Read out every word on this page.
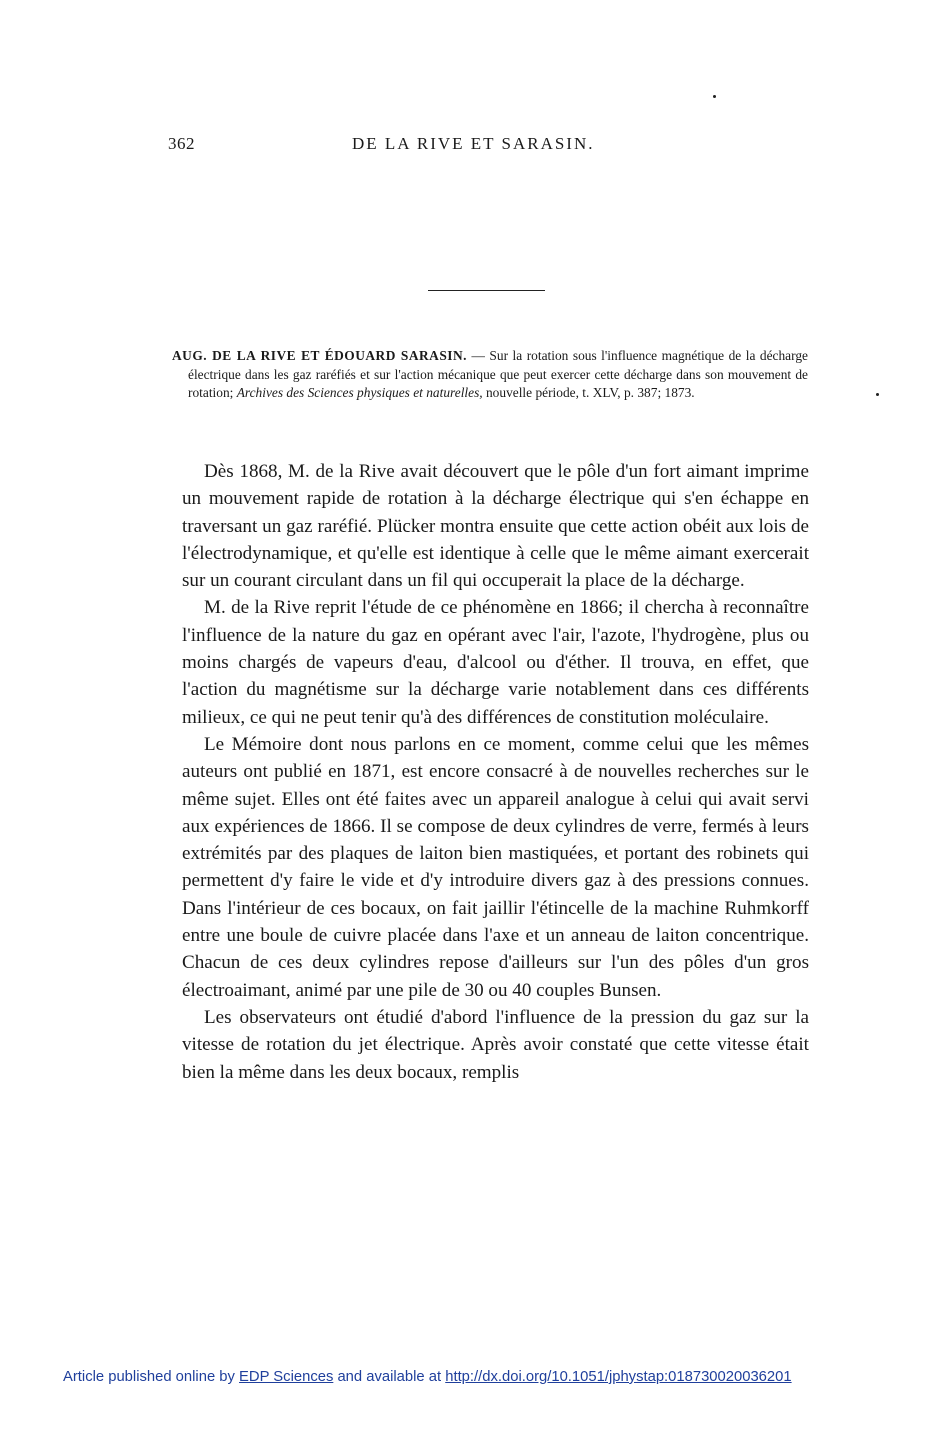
362	DE LA RIVE ET SARASIN.
AUG. DE LA RIVE ET ÉDOUARD SARASIN. — Sur la rotation sous l'influence magnétique de la décharge électrique dans les gaz raréfiés et sur l'action mécanique que peut exercer cette décharge dans son mouvement de rotation; Archives des Sciences physiques et naturelles, nouvelle période, t. XLV, p. 387; 1873.

Dès 1868, M. de la Rive avait découvert que le pôle d'un fort aimant imprime un mouvement rapide de rotation à la décharge électrique qui s'en échappe en traversant un gaz raréfié. Plücker montra ensuite que cette action obéit aux lois de l'électrodynamique, et qu'elle est identique à celle que le même aimant exercerait sur un courant circulant dans un fil qui occuperait la place de la décharge.

M. de la Rive reprit l'étude de ce phénomène en 1866; il chercha à reconnaître l'influence de la nature du gaz en opérant avec l'air, l'azote, l'hydrogène, plus ou moins chargés de vapeurs d'eau, d'alcool ou d'éther. Il trouva, en effet, que l'action du magnétisme sur la décharge varie notablement dans ces différents milieux, ce qui ne peut tenir qu'à des différences de constitution moléculaire.

Le Mémoire dont nous parlons en ce moment, comme celui que les mêmes auteurs ont publié en 1871, est encore consacré à de nouvelles recherches sur le même sujet. Elles ont été faites avec un appareil analogue à celui qui avait servi aux expériences de 1866. Il se compose de deux cylindres de verre, fermés à leurs extrémités par des plaques de laiton bien mastiquées, et portant des robinets qui permettent d'y faire le vide et d'y introduire divers gaz à des pressions connues. Dans l'intérieur de ces bocaux, on fait jaillir l'étincelle de la machine Ruhmkorff entre une boule de cuivre placée dans l'axe et un anneau de laiton concentrique. Chacun de ces deux cylindres repose d'ailleurs sur l'un des pôles d'un gros électroaimant, animé par une pile de 30 ou 40 couples Bunsen.

Les observateurs ont étudié d'abord l'influence de la pression du gaz sur la vitesse de rotation du jet électrique. Après avoir constaté que cette vitesse était bien la même dans les deux bocaux, remplis

Article published online by EDP Sciences and available at http://dx.doi.org/10.1051/jphystap:018730020036201
